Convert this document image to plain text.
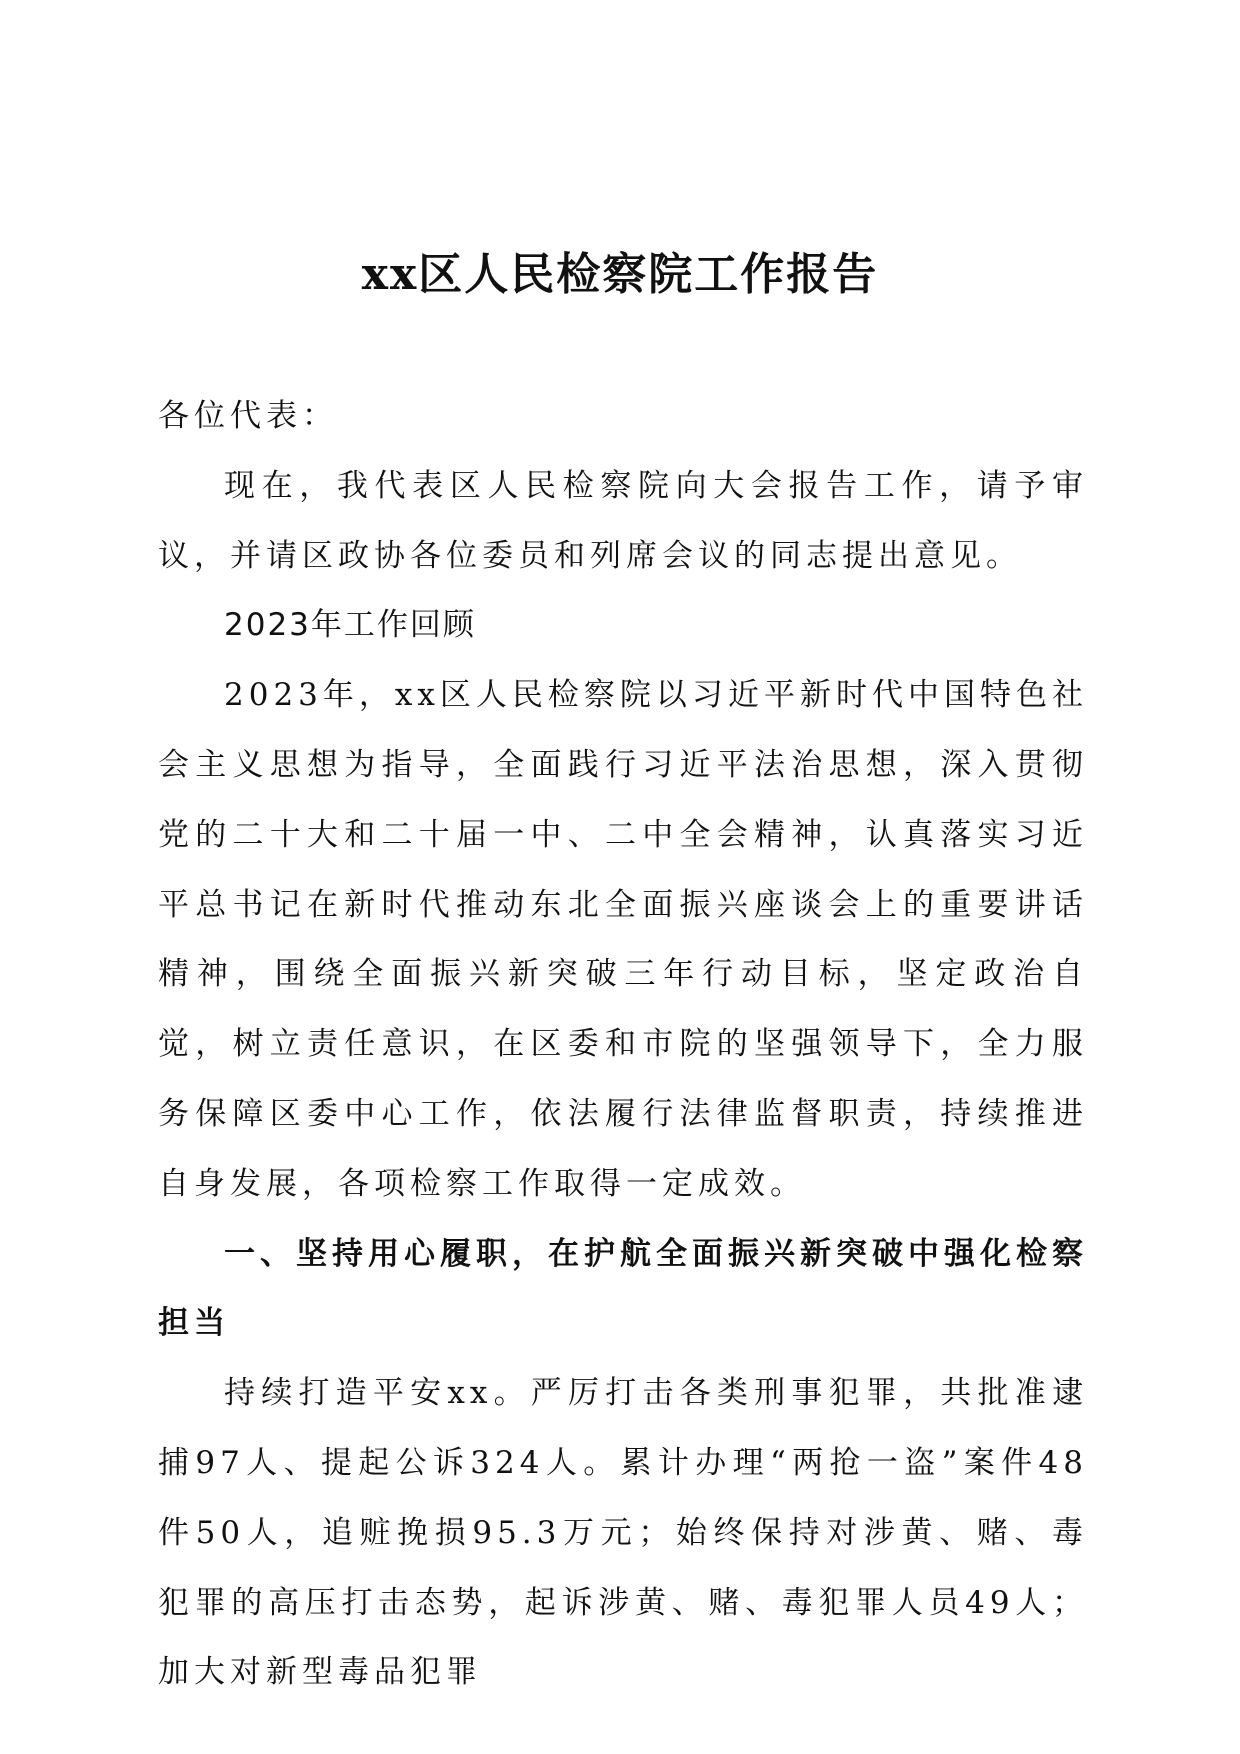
xx区人民检察院工作报告

各位代表：

现在，我代表区人民检察院向大会报告工作，请予审议，并请区政协各位委员和列席会议的同志提出意见。

2023年工作回顾

2023年，xx区人民检察院以习近平新时代中国特色社会主义思想为指导，全面践行习近平法治思想，深入贯彻党的二十大和二十届一中、二中全会精神，认真落实习近平总书记在新时代推动东北全面振兴座谈会上的重要讲话精神，围绕全面振兴新突破三年行动目标，坚定政治自觉，树立责任意识，在区委和市院的坚强领导下，全力服务保障区委中心工作，依法履行法律监督职责，持续推进自身发展，各项检察工作取得一定成效。

一、坚持用心履职，在护航全面振兴新突破中强化检察担当

持续打造平安xx。严厉打击各类刑事犯罪，共批准逮捕97人、提起公诉324人。累计办理“两抢一盗”案件48件50人，追赃挽损95.3万元；始终保持对涉黄、赌、毒犯罪的高压打击态势，起诉涉黄、赌、毒犯罪人员49人；加大对新型毒品犯罪
